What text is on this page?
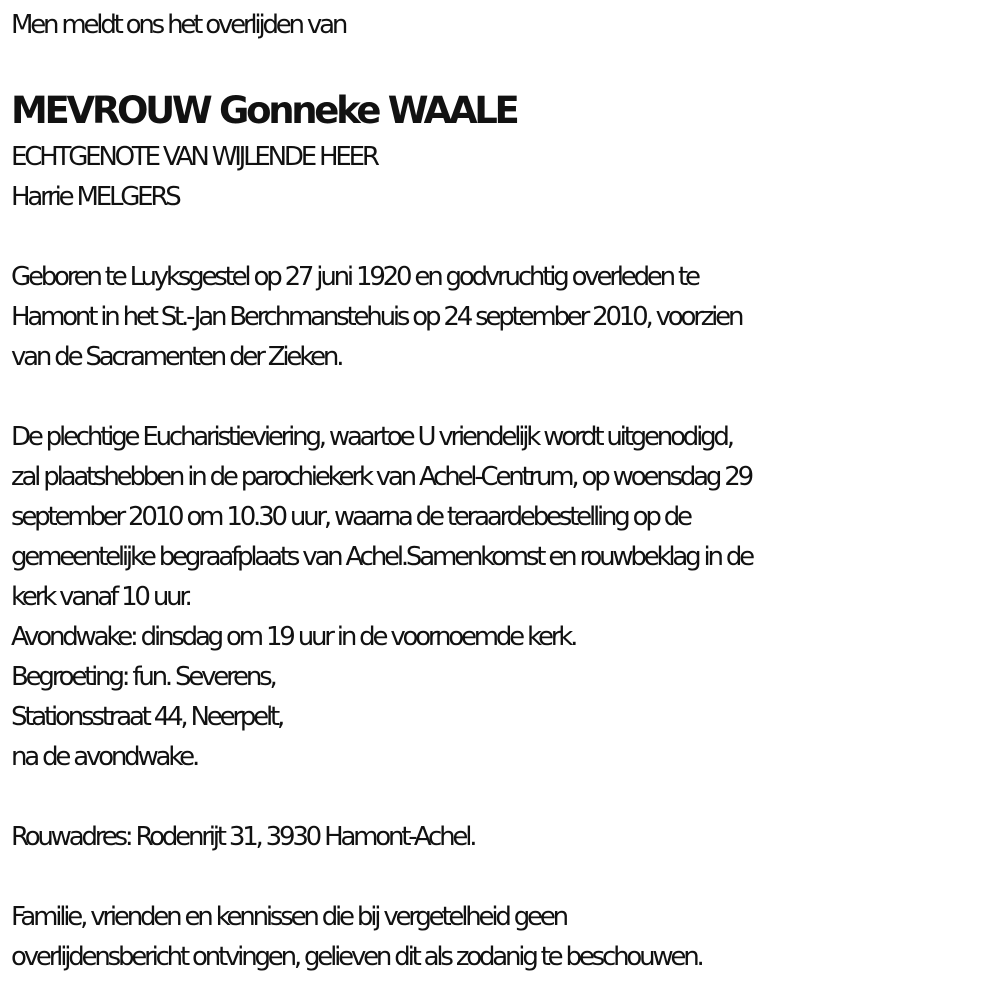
Men meldt ons het overlijden van
MEVROUW Gonneke WAALE
ECHTGENOTE VAN WIJLENDE HEER
Harrie MELGERS
Geboren te Luyksgestel op 27 juni 1920 en godvruchtig overleden te
Hamont in het St.-Jan Berchmanstehuis op 24 september 2010, voorzien
van de Sacramenten der Zieken.
De plechtige Eucharistieviering, waartoe U vriendelijk wordt uitgenodigd,
zal plaatshebben in de parochiekerk van Achel-Centrum, op woensdag 29
september 2010 om 10.30 uur, waarna de teraardebestelling op de
gemeentelijke begraafplaats van Achel.Samenkomst en rouwbeklag in de
kerk vanaf 10 uur.
Avondwake: dinsdag om 19 uur in de voornoemde kerk.
Begroeting: fun. Severens,
Stationsstraat 44, Neerpelt,
na de avondwake.
Rouwadres: Rodenrijt 31, 3930 Hamont-Achel.
Familie, vrienden en kennissen die bij vergetelheid geen
overlijdensbericht ontvingen, gelieven dit als zodanig te beschouwen.
